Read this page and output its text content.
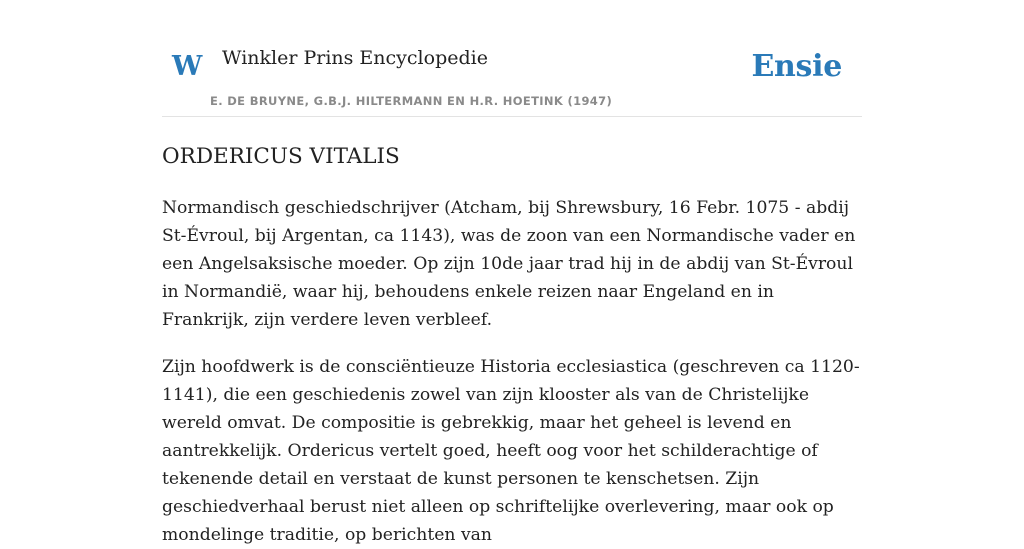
W Winkler Prins Encyclopedie
E. DE BRUYNE, G.B.J. HILTERMANN EN H.R. HOETINK (1947)
Ensie
ORDERICUS VITALIS

Normandisch geschiedschrijver (Atcham, bij Shrewsbury, 16 Febr. 1075 - abdij St-Évroul, bij Argentan, ca 1143), was de zoon van een Normandische vader en een Angelsaksische moeder. Op zijn 10de jaar trad hij in de abdij van St-Évroul in Normandië, waar hij, behoudens enkele reizen naar Engeland en in Frankrijk, zijn verdere leven verbleef.

Zijn hoofdwerk is de consciëntieuze Historia ecclesiastica (geschreven ca 1120-1141), die een geschiedenis zowel van zijn klooster als van de Christelijke wereld omvat. De compositie is gebrekkig, maar het geheel is levend en aantrekkelijk. Ordericus vertelt goed, heeft oog voor het schilderachtige of tekenende detail en verstaat de kunst personen te kenschetsen. Zijn geschiedverhaal berust niet alleen op schriftelijke overlevering, maar ook op mondelinge traditie, op berichten van
